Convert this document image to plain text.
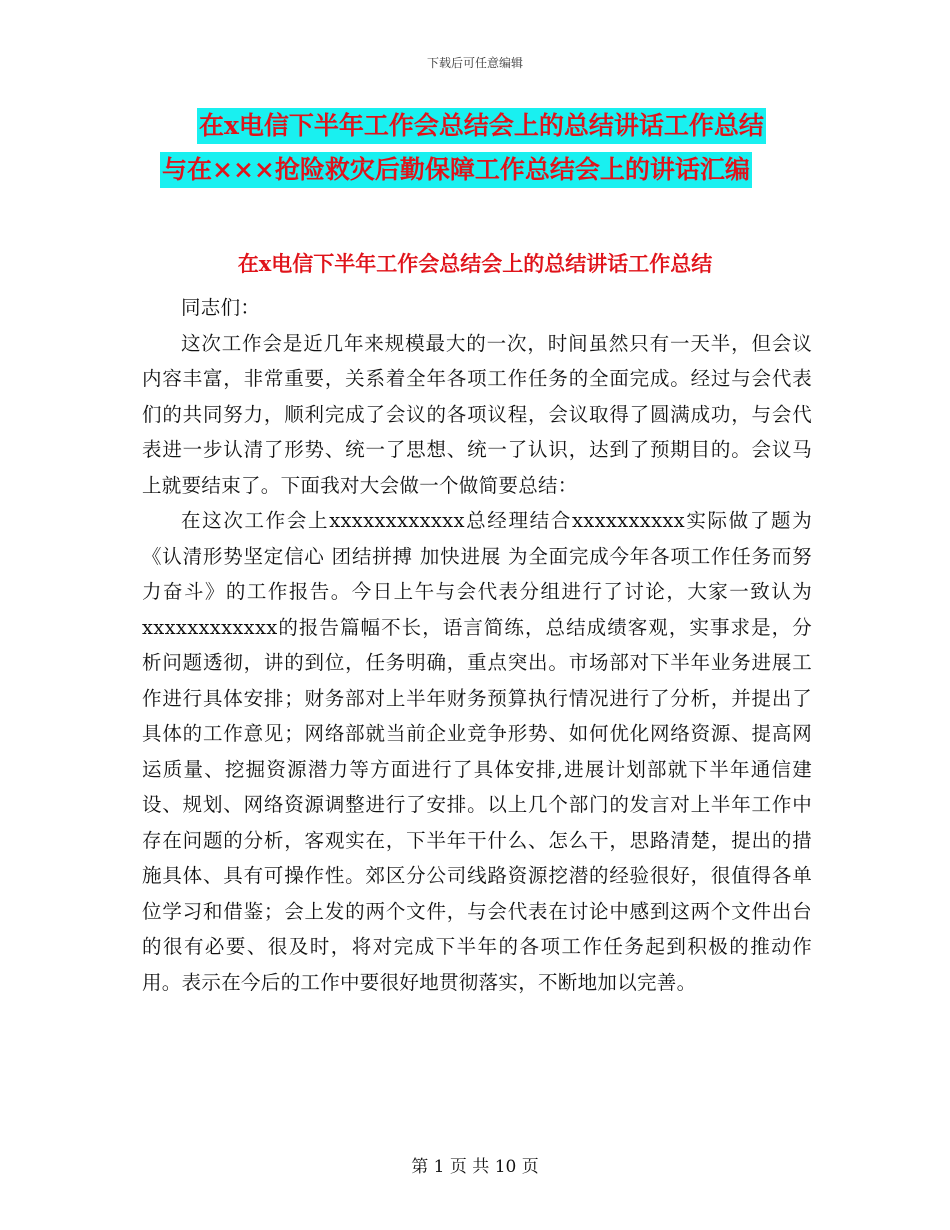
下载后可任意编辑
在x电信下半年工作会总结会上的总结讲话工作总结
与在×××抢险救灾后勤保障工作总结会上的讲话汇编
在x电信下半年工作会总结会上的总结讲话工作总结

同志们：

这次工作会是近几年来规模最大的一次，时间虽然只有一天半，但会议内容丰富，非常重要，关系着全年各项工作任务的全面完成。经过与会代表们的共同努力，顺利完成了会议的各项议程，会议取得了圆满成功，与会代表进一步认清了形势、统一了思想、统一了认识，达到了预期目的。会议马上就要结束了。下面我对大会做一个做简要总结：

在这次工作会上xxxxxxxxxxxx总经理结合xxxxxxxxxx实际做了题为《认清形势坚定信心 团结拼搏 加快进展 为全面完成今年各项工作任务而努力奋斗》的工作报告。今日上午与会代表分组进行了讨论，大家一致认为xxxxxxxxxxxx的报告篇幅不长，语言简练，总结成绩客观，实事求是，分析问题透彻，讲的到位，任务明确，重点突出。市场部对下半年业务进展工作进行具体安排；财务部对上半年财务预算执行情况进行了分析，并提出了具体的工作意见；网络部就当前企业竞争形势、如何优化网络资源、提高网运质量、挖掘资源潜力等方面进行了具体安排,进展计划部就下半年通信建设、规划、网络资源调整进行了安排。以上几个部门的发言对上半年工作中存在问题的分析，客观实在，下半年干什么、怎么干，思路清楚，提出的措施具体、具有可操作性。郊区分公司线路资源挖潜的经验很好，很值得各单位学习和借鉴；会上发的两个文件，与会代表在讨论中感到这两个文件出台的很有必要、很及时，将对完成下半年的各项工作任务起到积极的推动作用。表示在今后的工作中要很好地贯彻落实，不断地加以完善。

第 1 页 共 10 页
